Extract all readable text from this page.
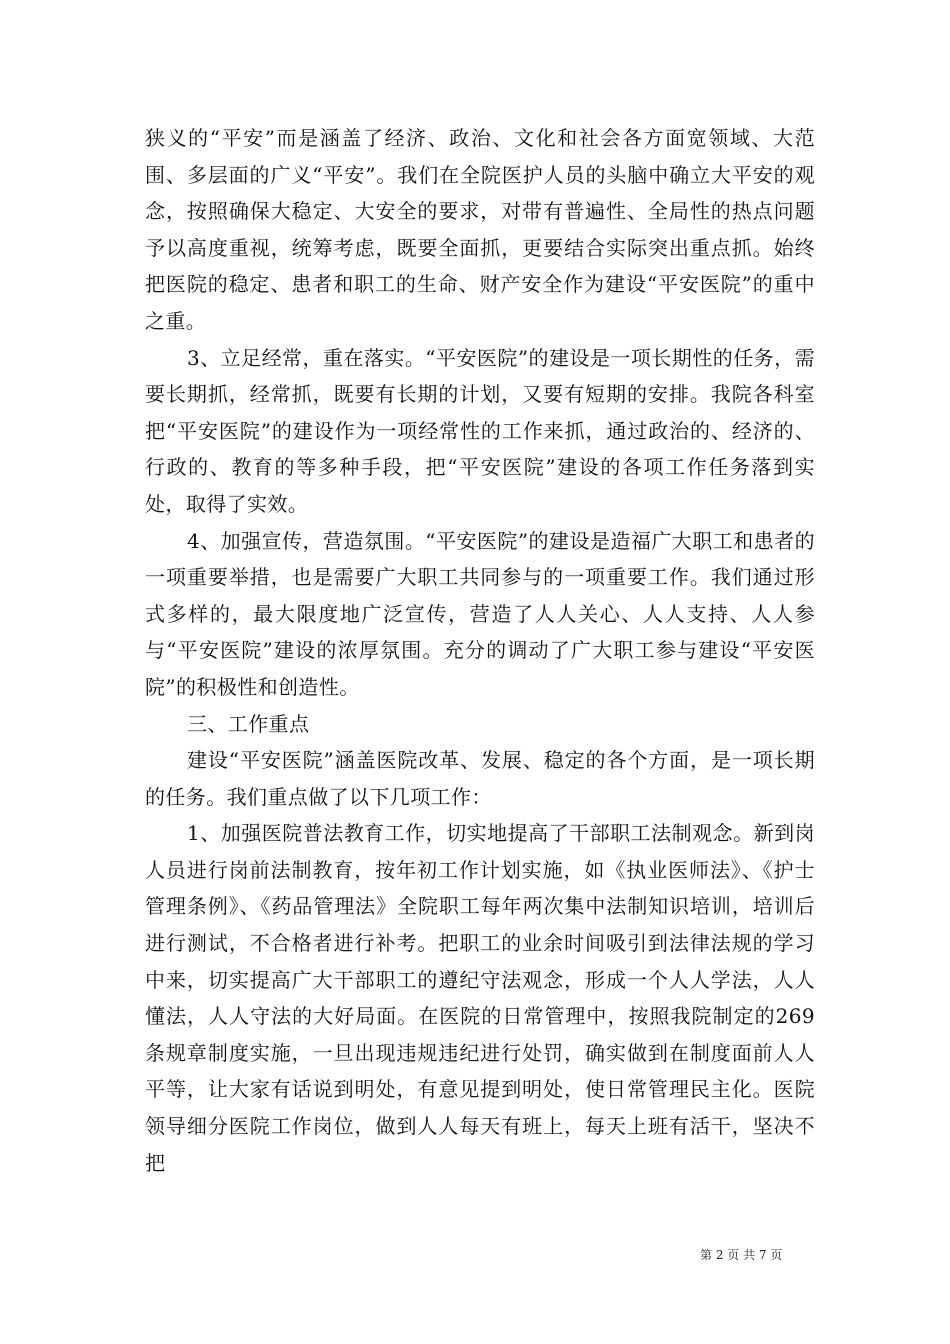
狭义的“平安”而是涵盖了经济、政治、文化和社会各方面宽领域、大范围、多层面的广义“平安”。我们在全院医护人员的头脑中确立大平安的观念，按照确保大稳定、大安全的要求，对带有普遍性、全局性的热点问题予以高度重视，统筹考虑，既要全面抓，更要结合实际突出重点抓。始终把医院的稳定、患者和职工的生命、财产安全作为建设“平安医院”的重中之重。

3、立足经常，重在落实。“平安医院”的建设是一项长期性的任务，需要长期抓，经常抓，既要有长期的计划，又要有短期的安排。我院各科室把“平安医院”的建设作为一项经常性的工作来抓，通过政治的、经济的、行政的、教育的等多种手段，把“平安医院”建设的各项工作任务落到实处，取得了实效。

4、加强宣传，营造氛围。“平安医院”的建设是造福广大职工和患者的一项重要举措，也是需要广大职工共同参与的一项重要工作。我们通过形式多样的，最大限度地广泛宣传，营造了人人关心、人人支持、人人参与“平安医院”建设的浓厚氛围。充分的调动了广大职工参与建设“平安医院”的积极性和创造性。

三、工作重点

建设“平安医院”涵盖医院改革、发展、稳定的各个方面，是一项长期的任务。我们重点做了以下几项工作：

1、加强医院普法教育工作，切实地提高了干部职工法制观念。新到岗人员进行岗前法制教育，按年初工作计划实施，如《执业医师法》、《护士管理条例》、《药品管理法》全院职工每年两次集中法制知识培训，培训后进行测试，不合格者进行补考。把职工的业余时间吸引到法律法规的学习中来，切实提高广大干部职工的遵纪守法观念，形成一个人人学法，人人懂法，人人守法的大好局面。在医院的日常管理中，按照我院制定的269条规章制度实施，一旦出现违规违纪进行处罚，确实做到在制度面前人人平等，让大家有话说到明处，有意见提到明处，使日常管理民主化。医院领导细分医院工作岗位，做到人人每天有班上，每天上班有活干，坚决不把

第 2 页 共 7 页
